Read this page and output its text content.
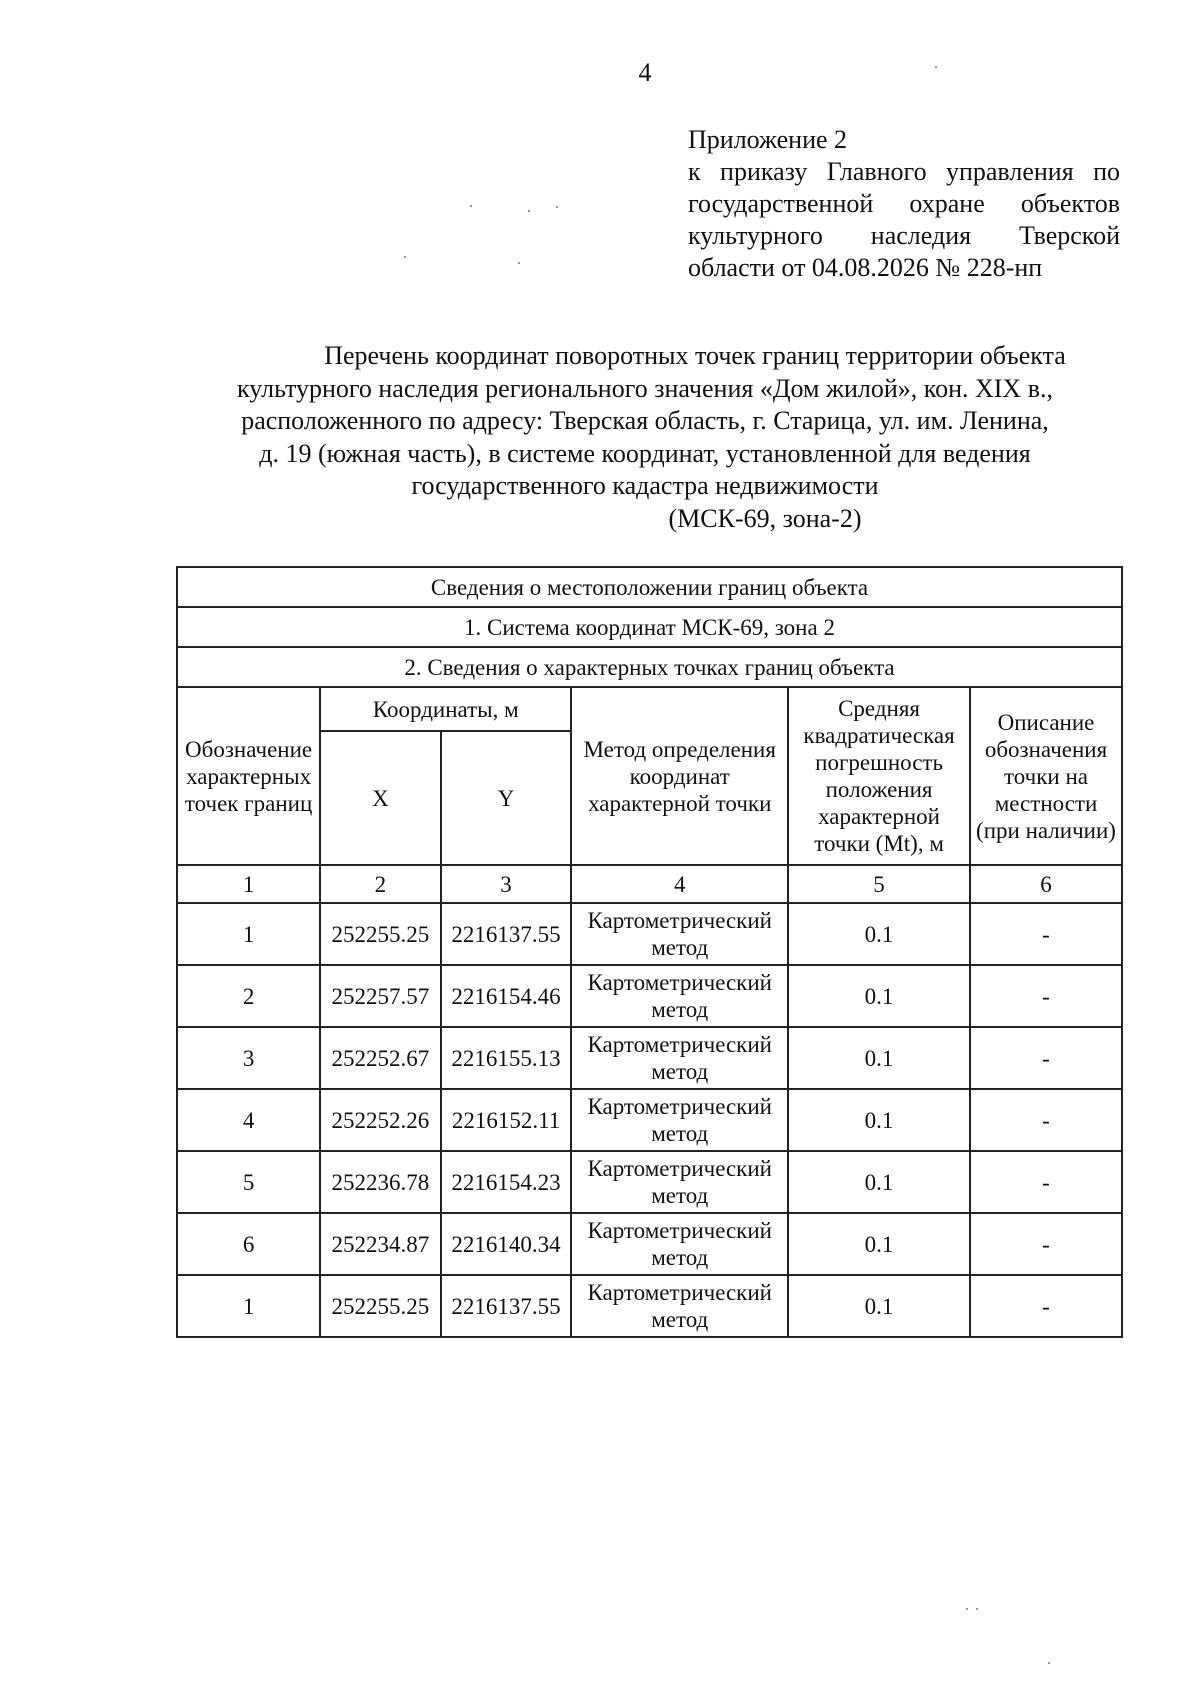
4
Приложение 2
к приказу Главного управления по
государственной охране объектов
культурного наследия Тверской
области от 04.08.2026 № 228-нп
Перечень координат поворотных точек границ территории объекта
культурного наследия регионального значения «Дом жилой», кон. XIX в.,
расположенного по адресу: Тверская область, г. Старица, ул. им. Ленина,
д. 19 (южная часть), в системе координат, установленной для ведения
государственного кадастра недвижимости
(МСК-69, зона-2)
Сведения о местоположении границ объекта					
1. Система координат МСК-69, зона 2					
2. Сведения о характерных точках границ объекта					
Обозначение характерных точек границ	Координаты, м		Метод определения координат характерной точки	Средняя квадратическая погрешность положения характерной точки (Mt), м	Описание обозначения точки на местности (при наличии)
	X	Y			
1	2	3	4	5	6
1	252255.25	2216137.55	Картометрический метод	0.1	-
2	252257.57	2216154.46	Картометрический метод	0.1	-
3	252252.67	2216155.13	Картометрический метод	0.1	-
4	252252.26	2216152.11	Картометрический метод	0.1	-
5	252236.78	2216154.23	Картометрический метод	0.1	-
6	252234.87	2216140.34	Картометрический метод	0.1	-
1	252255.25	2216137.55	Картометрический метод	0.1	-
